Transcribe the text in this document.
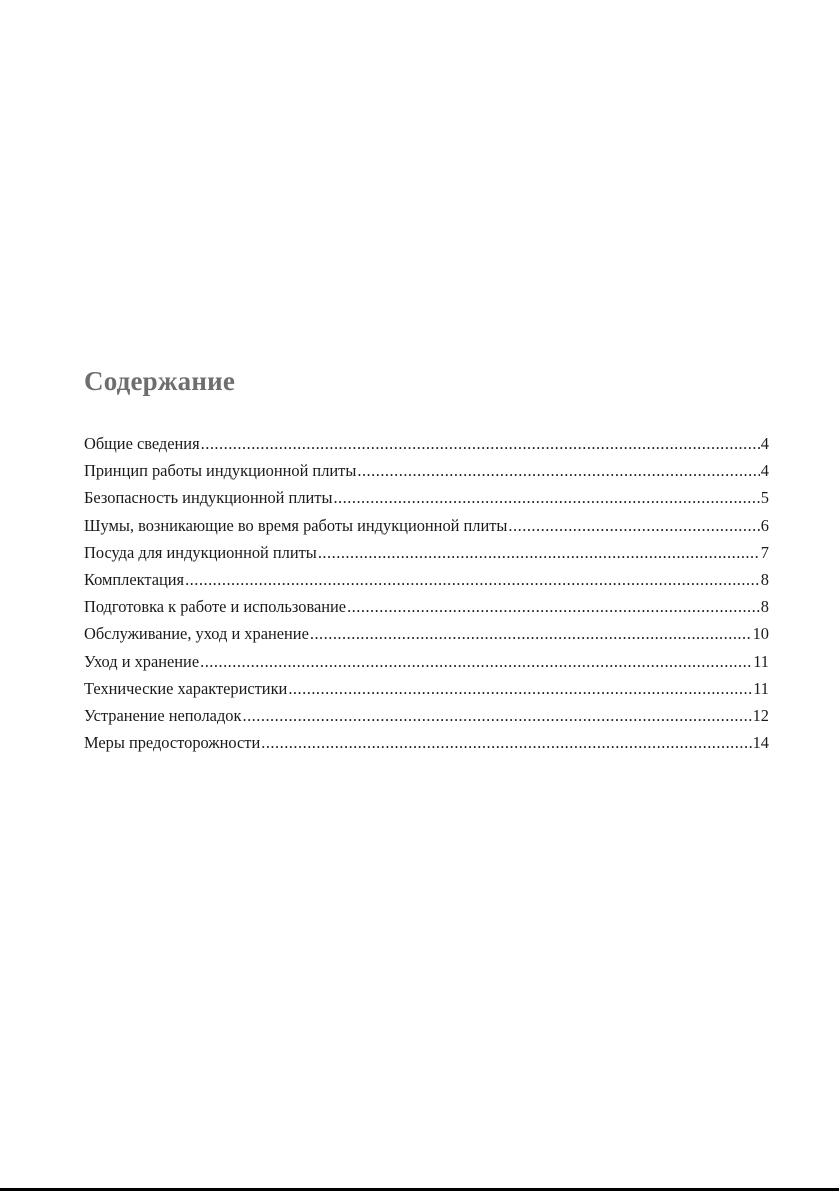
Содержание
Общие сведения .....	4
Принцип работы индукционной плиты .....	4
Безопасность индукционной плиты .....	5
Шумы, возникающие во время работы индукционной плиты .....	6
Посуда для индукционной плиты .....	7
Комплектация .....	8
Подготовка к работе и использование .....	8
Обслуживание, уход и хранение .....	10
Уход и хранение .....	11
Технические характеристики .....	11
Устранение неполадок .....	12
Меры предосторожности .....	14
